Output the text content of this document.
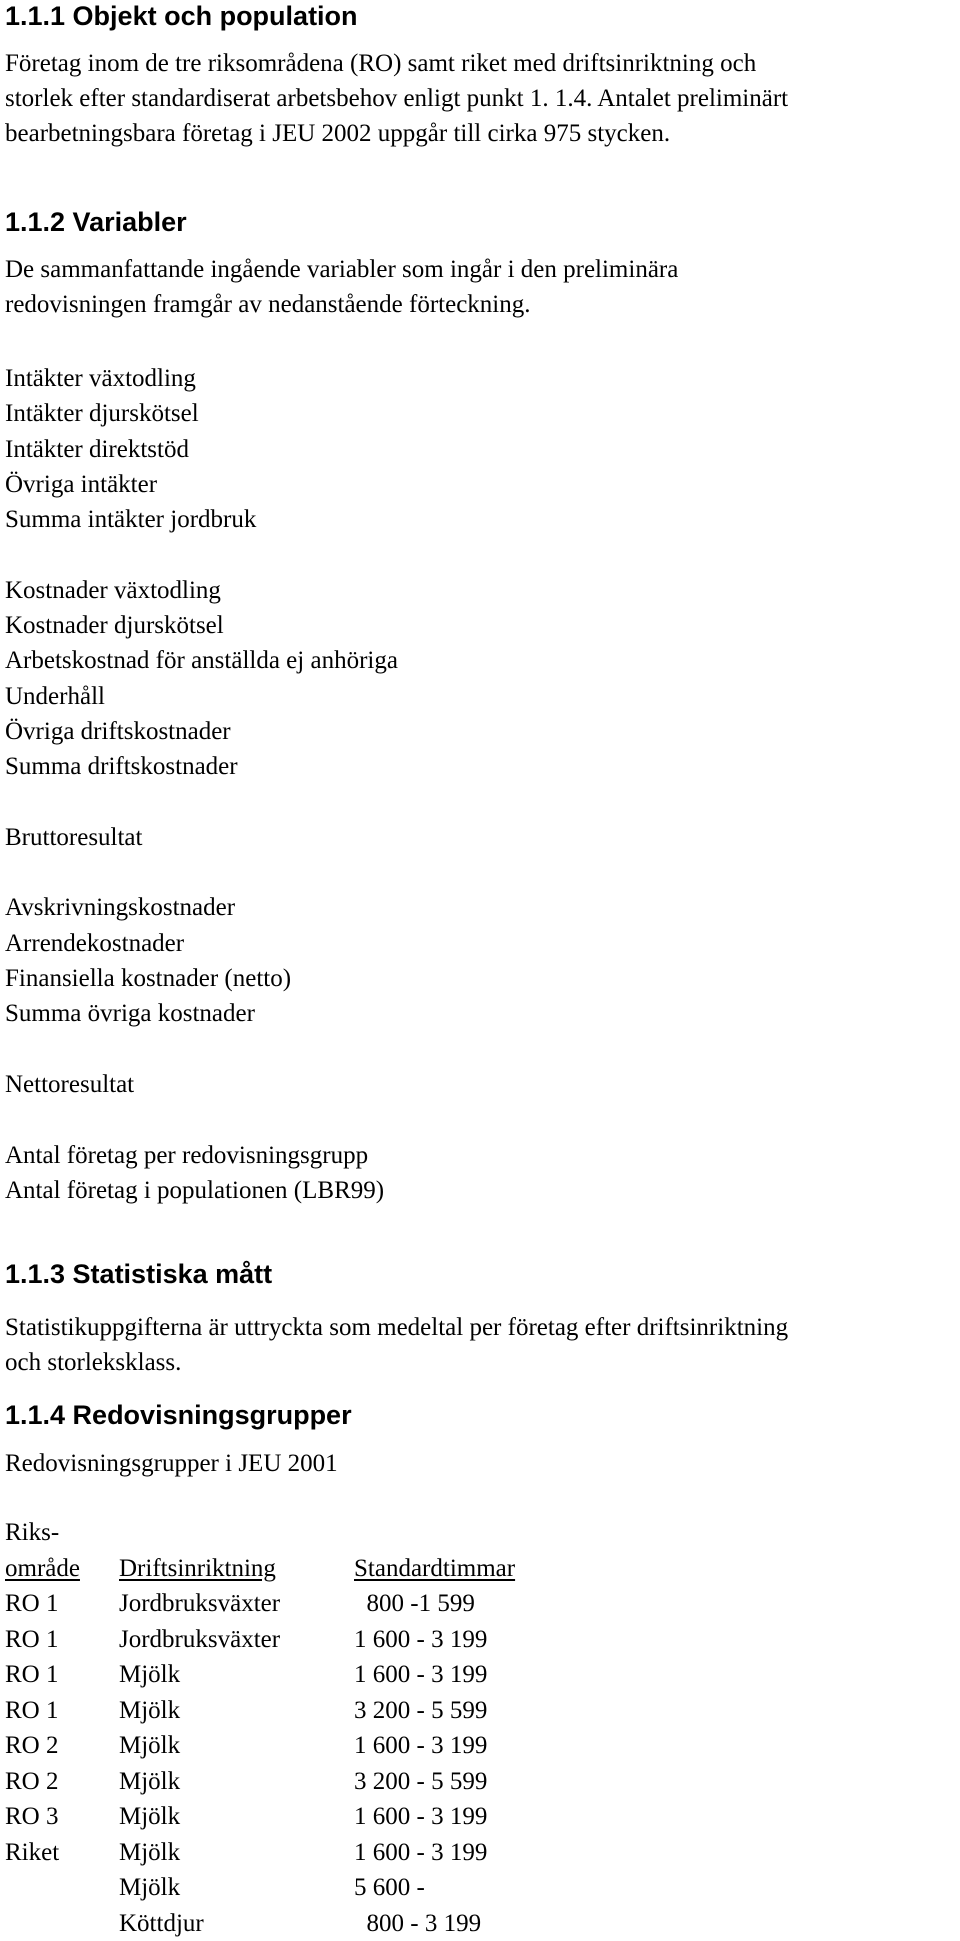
1.1.1 Objekt och population
Företag inom de tre riksområdena (RO) samt riket med driftsinriktning och
storlek efter standardiserat arbetsbehov enligt punkt 1. 1.4. Antalet preliminärt
bearbetningsbara företag i JEU 2002 uppgår till cirka 975 stycken.
1.1.2 Variabler
De sammanfattande ingående variabler som ingår i den preliminära
redovisningen framgår av nedanstående förteckning.
Intäkter växtodling
Intäkter djurskötsel
Intäkter direktstöd
Övriga intäkter
Summa intäkter jordbruk
Kostnader växtodling
Kostnader djurskötsel
Arbetskostnad för anställda ej anhöriga
Underhåll
Övriga driftskostnader
Summa driftskostnader
Bruttoresultat
Avskrivningskostnader
Arrendekostnader
Finansiella kostnader (netto)
Summa övriga kostnader
Nettoresultat
Antal företag per redovisningsgrupp
Antal företag i populationen (LBR99)
1.1.3 Statistiska mått
Statistikuppgifterna är uttryckta som medeltal per företag efter driftsinriktning
och storleksklass.
1.1.4 Redovisningsgrupper
Redovisningsgrupper i JEU 2001
Riks-		
område	Driftsinriktning	Standardtimmar
RO 1	Jordbruksväxter	800 -1 599
RO 1	Jordbruksväxter	1 600 - 3 199
RO 1	Mjölk	1 600 - 3 199
RO 1	Mjölk	3 200 - 5 599
RO 2	Mjölk	1 600 - 3 199
RO 2	Mjölk	3 200 - 5 599
RO 3	Mjölk	1 600 - 3 199
Riket	Mjölk	1 600 - 3 199
	Mjölk	5 600 -
	Köttdjur	800 - 3 199
